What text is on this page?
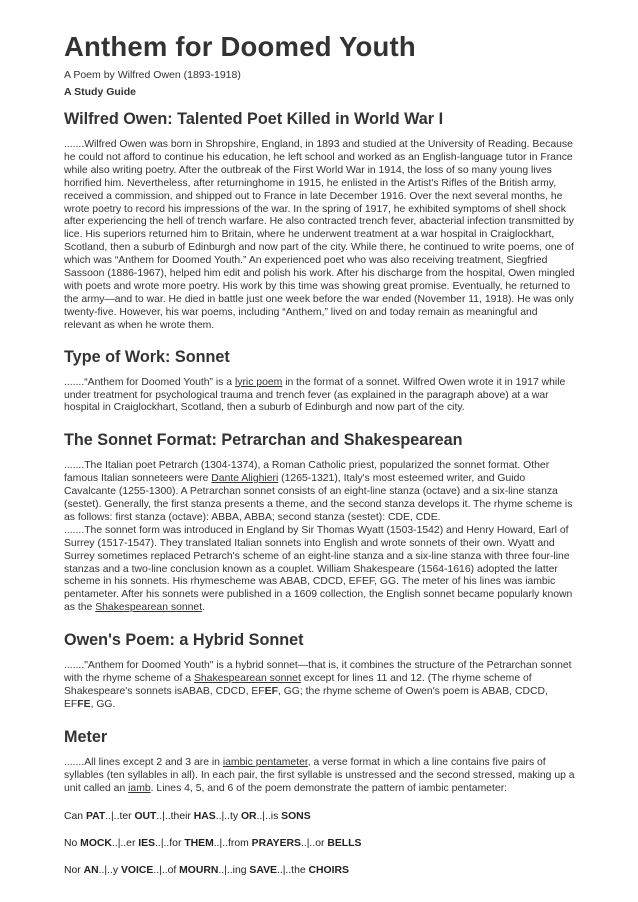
Anthem for Doomed Youth
A Poem by Wilfred Owen (1893-1918)
A Study Guide
Wilfred Owen: Talented Poet Killed in World War I

.......Wilfred Owen was born in Shropshire, England, in 1893 and studied at the University of Reading. Because he could not afford to continue his education, he left school and worked as an English-language tutor in France while also writing poetry. After the outbreak of the First World War in 1914, the loss of so many young lives horrified him. Nevertheless, after returninghome in 1915, he enlisted in the Artist's Rifles of the British army, received a commission, and shipped out to France in late December 1916. Over the next several months, he wrote poetry to record his impressions of the war. In the spring of 1917, he exhibited symptoms of shell shock after experiencing the hell of trench warfare. He also contracted trench fever, abacterial infection transmitted by lice. His superiors returned him to Britain, where he underwent treatment at a war hospital in Craiglockhart, Scotland, then a suburb of Edinburgh and now part of the city. While there, he continued to write poems, one of which was “Anthem for Doomed Youth.” An experienced poet who was also receiving treatment, Siegfried Sassoon (1886-1967), helped him edit and polish his work. After his discharge from the hospital, Owen mingled with poets and wrote more poetry. His work by this time was showing great promise. Eventually, he returned to the army—and to war. He died in battle just one week before the war ended (November 11, 1918). He was only twenty-five. However, his war poems, including “Anthem,” lived on and today remain as meaningful and relevant as when he wrote them.

Type of Work: Sonnet

.......“Anthem for Doomed Youth” is a lyric poem in the format of a sonnet. Wilfred Owen wrote it in 1917 while under treatment for psychological trauma and trench fever (as explained in the paragraph above) at a war hospital in Craiglockhart, Scotland, then a suburb of Edinburgh and now part of the city.

The Sonnet Format: Petrarchan and Shakespearean

.......The Italian poet Petrarch (1304-1374), a Roman Catholic priest, popularized the sonnet format. Other famous Italian sonneteers were Dante Alighieri (1265-1321), Italy's most esteemed writer, and Guido Cavalcante (1255-1300). A Petrarchan sonnet consists of an eight-line stanza (octave) and a six-line stanza (sestet). Generally, the first stanza presents a theme, and the second stanza develops it. The rhyme scheme is as follows: first stanza (octave): ABBA, ABBA; second stanza (sestet): CDE, CDE.

.......The sonnet form was introduced in England by Sir Thomas Wyatt (1503-1542) and Henry Howard, Earl of Surrey (1517-1547). They translated Italian sonnets into English and wrote sonnets of their own. Wyatt and Surrey sometimes replaced Petrarch's scheme of an eight-line stanza and a six-line stanza with three four-line stanzas and a two-line conclusion known as a couplet. William Shakespeare (1564-1616) adopted the latter scheme in his sonnets. His rhymescheme was ABAB, CDCD, EFEF, GG. The meter of his lines was iambic pentameter. After his sonnets were published in a 1609 collection, the English sonnet became popularly known as the Shakespearean sonnet.

Owen's Poem: a Hybrid Sonnet

......."Anthem for Doomed Youth" is a hybrid sonnet—that is, it combines the structure of the Petrarchan sonnet with the rhyme scheme of a Shakespearean sonnet except for lines 11 and 12. (The rhyme scheme of Shakespeare's sonnets isABAB, CDCD, EFEF, GG; the rhyme scheme of Owen's poem is ABAB, CDCD, EFFE, GG.

Meter

.......All lines except 2 and 3 are in iambic pentameter, a verse format in which a line contains five pairs of syllables (ten syllables in all). In each pair, the first syllable is unstressed and the second stressed, making up a unit called an iamb. Lines 4, 5, and 6 of the poem demonstrate the pattern of iambic pentameter:

Can PAT..|..ter OUT..|..their HAS..|..ty OR..|..is SONS
No MOCK..|..er IES..|..for THEM..|..from PRAYERS..|..or BELLS
Nor AN..|..y VOICE..|..of MOURN..|..ing SAVE..|..the CHOIRS
